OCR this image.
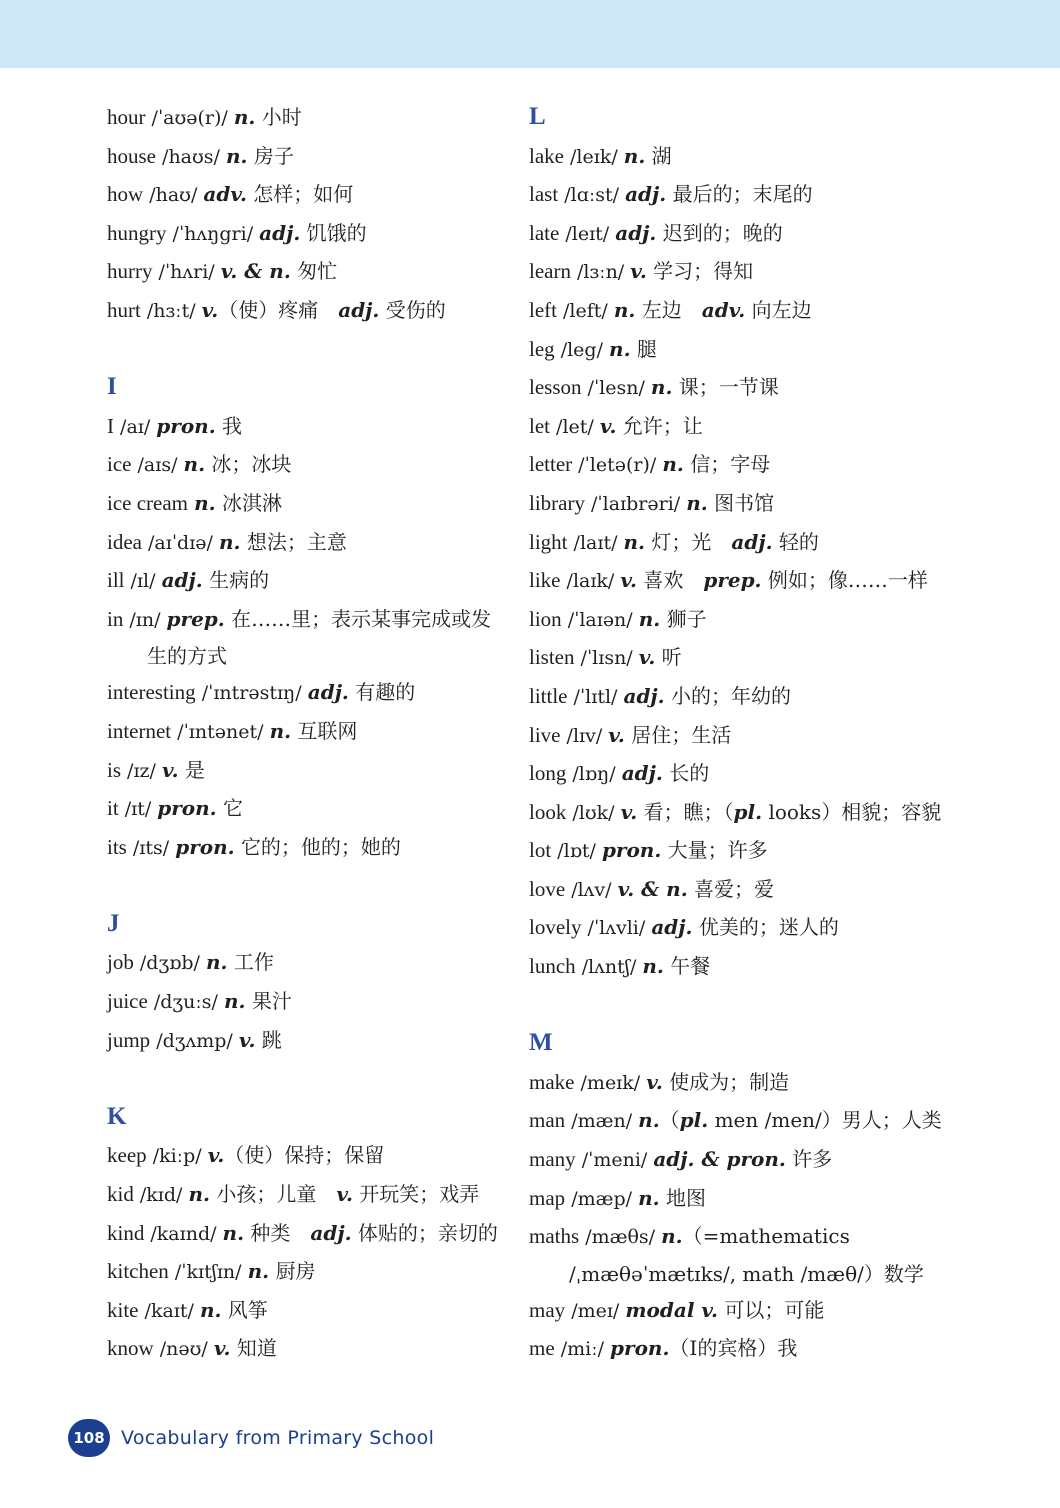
hour /ˈaʊə(r)/ n. 小时
house /haʊs/ n. 房子
how /haʊ/ adv. 怎样；如何
hungry /ˈhʌŋgri/ adj. 饥饿的
hurry /ˈhʌri/ v. & n. 匆忙
hurt /hɜːt/ v.（使）疼痛　adj. 受伤的
I
I /aɪ/ pron. 我
ice /aɪs/ n. 冰；冰块
ice cream n. 冰淇淋
idea /aɪˈdɪə/ n. 想法；主意
ill /ɪl/ adj. 生病的
in /ɪn/ prep. 在……里；表示某事完成或发
生的方式
interesting /ˈɪntrəstɪŋ/ adj. 有趣的
internet /ˈɪntənet/ n. 互联网
is /ɪz/ v. 是
it /ɪt/ pron. 它
its /ɪts/ pron. 它的；他的；她的
J
job /dʒɒb/ n. 工作
juice /dʒuːs/ n. 果汁
jump /dʒʌmp/ v. 跳
K
keep /kiːp/ v.（使）保持；保留
kid /kɪd/ n. 小孩；儿童　v. 开玩笑；戏弄
kind /kaɪnd/ n. 种类　adj. 体贴的；亲切的
kitchen /ˈkɪtʃɪn/ n. 厨房
kite /kaɪt/ n. 风筝
know /nəʊ/ v. 知道
L
lake /leɪk/ n. 湖
last /lɑːst/ adj. 最后的；末尾的
late /leɪt/ adj. 迟到的；晚的
learn /lɜːn/ v. 学习；得知
left /left/ n. 左边　adv. 向左边
leg /leg/ n. 腿
lesson /ˈlesn/ n. 课；一节课
let /let/ v. 允许；让
letter /ˈletə(r)/ n. 信；字母
library /ˈlaɪbrəri/ n. 图书馆
light /laɪt/ n. 灯；光　adj. 轻的
like /laɪk/ v. 喜欢　prep. 例如；像……一样
lion /ˈlaɪən/ n. 狮子
listen /ˈlɪsn/ v. 听
little /ˈlɪtl/ adj. 小的；年幼的
live /lɪv/ v. 居住；生活
long /lɒŋ/ adj. 长的
look /lʊk/ v. 看；瞧；（pl. looks）相貌；容貌
lot /lɒt/ pron. 大量；许多
love /lʌv/ v. & n. 喜爱；爱
lovely /ˈlʌvli/ adj. 优美的；迷人的
lunch /lʌntʃ/ n. 午餐
M
make /meɪk/ v. 使成为；制造
man /mæn/ n.（pl. men /men/）男人；人类
many /ˈmeni/ adj. & pron. 许多
map /mæp/ n. 地图
maths /mæθs/ n.（=mathematics
/ˌmæθəˈmætɪks/, math /mæθ/）数学
may /meɪ/ modal v. 可以；可能
me /miː/ pron.（I的宾格）我
108 Vocabulary from Primary School
